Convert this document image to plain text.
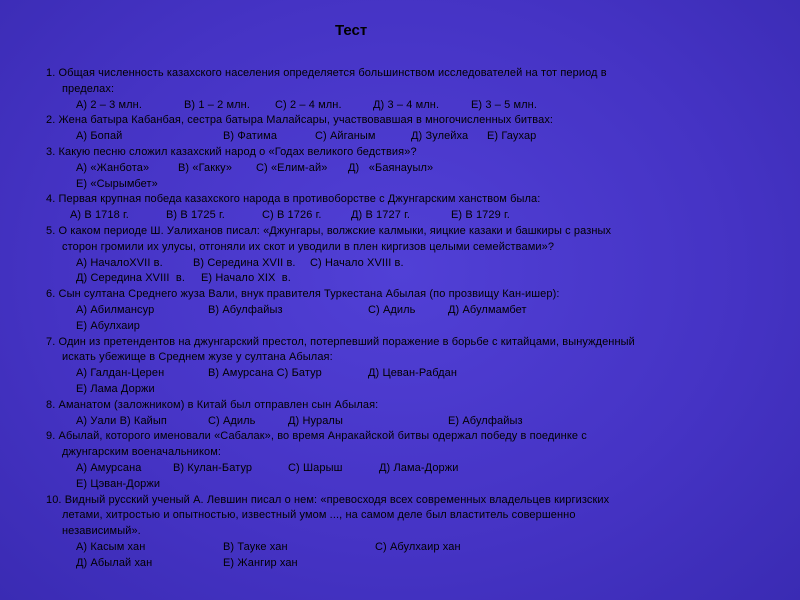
Тест
1. Общая численность казахского населения определяется большинством исследователей на тот период в
пределах:
А) 2 – 3 млн.	В) 1 – 2 млн. С) 2 – 4 млн.	Д) 3 – 4 млн.	Е) 3 – 5 млн.
2. Жена батыра Кабанбая, сестра батыра Малайсары, участвовавшая в многочисленных битвах:
А) Бопай	В) Фатима	С) Айганым	Д) Зулейха Е) Гаухар
3. Какую песню сложил казахский народ о «Годах великого бедствия»?
А) «Жанбота»	В) «Гакку» С) «Елим-ай» Д)   «Баянауыл»
Е) «Сырымбет»
4. Первая крупная победа казахского народа в противоборстве с Джунгарским ханством была:
А) В 1718 г.	В) В 1725 г.	С) В 1726 г.	Д) В 1727 г.	Е) В 1729 г.
5. О каком периоде Ш. Уалиханов писал: «Джунгары, волжские калмыки, яицкие казаки и башкиры с разных
сторон громили их улусы, отгоняли их скот и уводили в плен киргизов целыми семействами»?
А) НачалоXVII в.	В) Середина XVII в. С) Начало XVIII в.
Д) Середина XVIII  в. Е) Начало XIX  в.
6. Сын султана Среднего жуза Вали, внук правителя Туркестана Абылая (по прозвищу Кан-ишер):
А) Абилмансур	В) Абулфайыз	С) Адиль	Д) Абулмамбет
Е) Абулхаир
7. Один из претендентов на джунгарский престол, потерпевший поражение в борьбе с китайцами, вынужденный
искать убежище в Среднем жузе у султана Абылая:
А) Галдан-Церен	В) Амурсана С) Батур	Д) Цеван-Рабдан
Е) Лама Доржи
8. Аманатом (заложником) в Китай был отправлен сын Абылая:
А) Уали В) Кайып	С) Адиль	Д) Нуралы	Е) Абулфайыз
9. Абылай, которого именовали «Сабалак», во время Анракайской битвы одержал победу в поединке с
джунгарским военачальником:
А) Амурсана	В) Кулан-Батур	С) Шарыш	Д) Лама-Доржи
Е) Цэван-Доржи
10. Видный русский ученый А. Левшин писал о нем: «превосходя всех современных владельцев киргизских
летами, хитростью и опытностью, известный умом ..., на самом деле был властитель совершенно
независимый».
А) Касым хан	В) Тауке хан	С) Абулхаир хан
Д) Абылай хан	Е) Жангир хан
